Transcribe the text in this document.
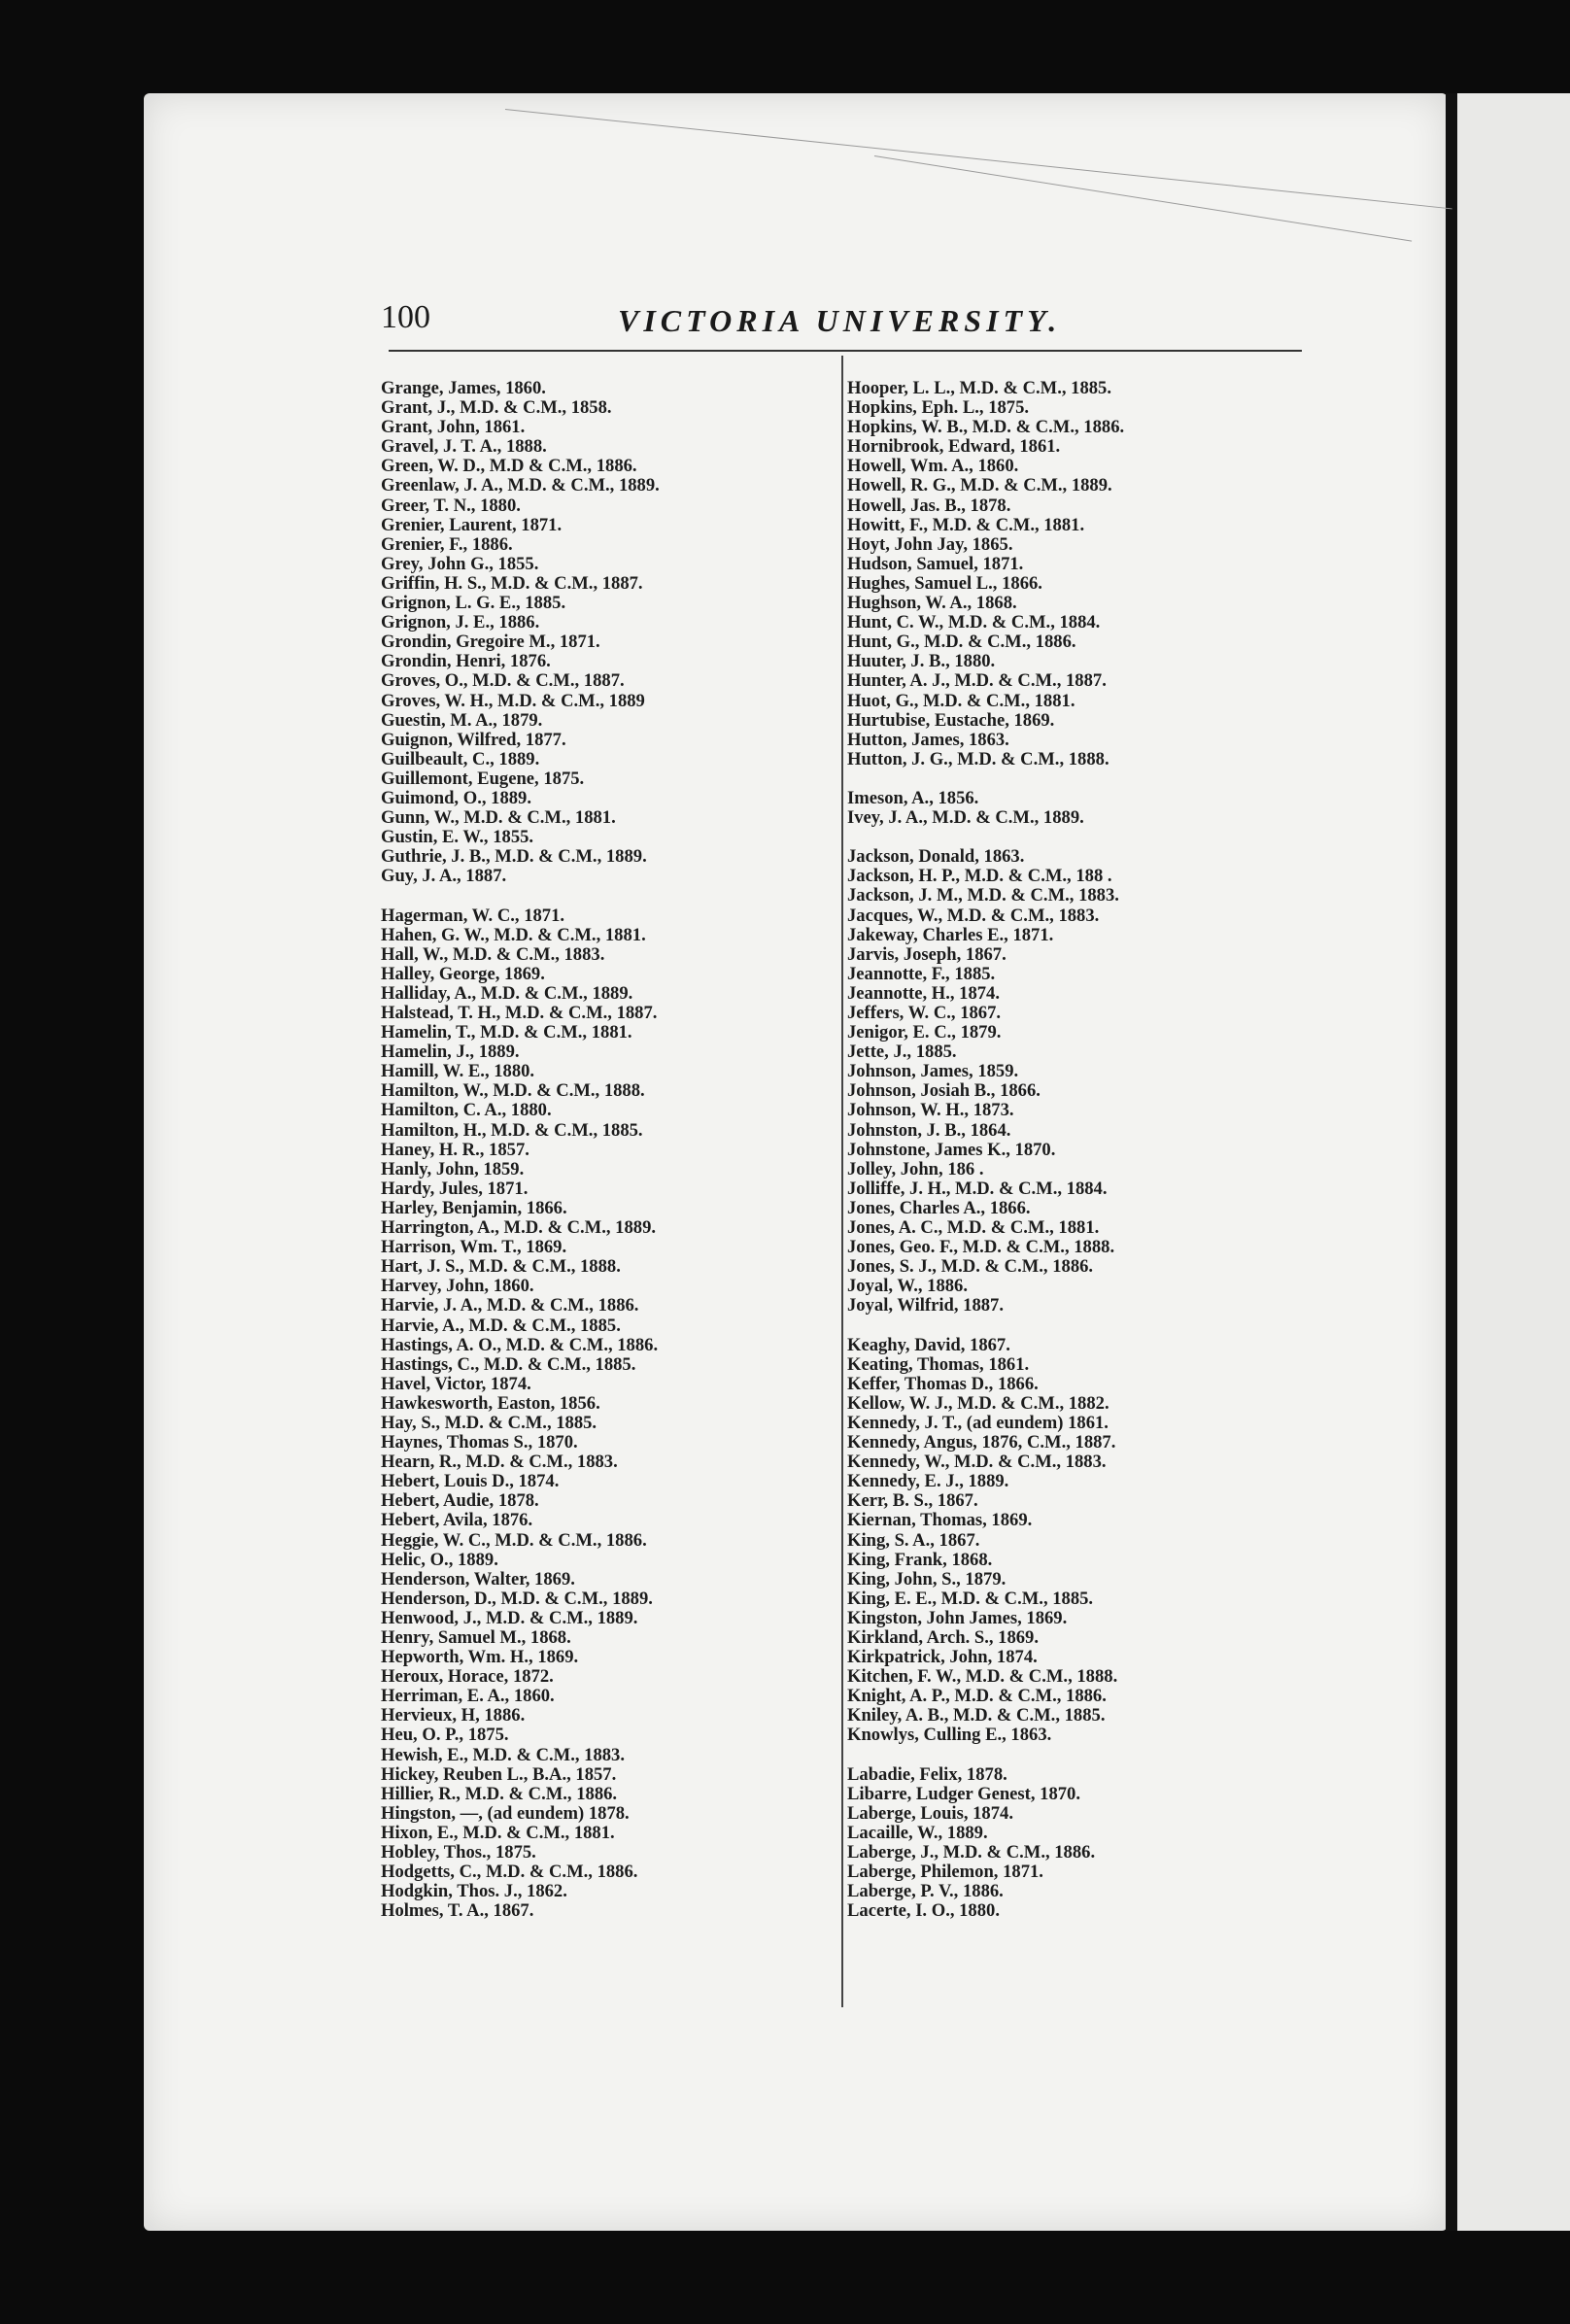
100	VICTORIA UNIVERSITY.
Grange, James, 1860.
Grant, J., M.D. & C.M., 1858.
Grant, John, 1861.
Gravel, J. T. A., 1888.
Green, W. D., M.D & C.M., 1886.
Greenlaw, J. A., M.D. & C.M., 1889.
Greer, T. N., 1880.
Grenier, Laurent, 1871.
Grenier, F., 1886.
Grey, John G., 1855.
Griffin, H. S., M.D. & C.M., 1887.
Grignon, L. G. E., 1885.
Grignon, J. E., 1886.
Grondin, Gregoire M., 1871.
Grondin, Henri, 1876.
Groves, O., M.D. & C.M., 1887.
Groves, W. H., M.D. & C.M., 1889
Guestin, M. A., 1879.
Guignon, Wilfred, 1877.
Guilbeault, C., 1889.
Guillemont, Eugene, 1875.
Guimond, O., 1889.
Gunn, W., M.D. & C.M., 1881.
Gustin, E. W., 1855.
Guthrie, J. B., M.D. & C.M., 1889.
Guy, J. A., 1887.
Hagerman, W. C., 1871.
Hahen, G. W., M.D. & C.M., 1881.
Hall, W., M.D. & C.M., 1883.
Halley, George, 1869.
Halliday, A., M.D. & C.M., 1889.
Halstead, T. H., M.D. & C.M., 1887.
Hamelin, T., M.D. & C.M., 1881.
Hamelin, J., 1889.
Hamill, W. E., 1880.
Hamilton, W., M.D. & C.M., 1888.
Hamilton, C. A., 1880.
Hamilton, H., M.D. & C.M., 1885.
Haney, H. R., 1857.
Hanly, John, 1859.
Hardy, Jules, 1871.
Harley, Benjamin, 1866.
Harrington, A., M.D. & C.M., 1889.
Harrison, Wm. T., 1869.
Hart, J. S., M.D. & C.M., 1888.
Harvey, John, 1860.
Harvie, J. A., M.D. & C.M., 1886.
Harvie, A., M.D. & C.M., 1885.
Hastings, A. O., M.D. & C.M., 1886.
Hastings, C., M.D. & C.M., 1885.
Havel, Victor, 1874.
Hawkesworth, Easton, 1856.
Hay, S., M.D. & C.M., 1885.
Haynes, Thomas S., 1870.
Hearn, R., M.D. & C.M., 1883.
Hebert, Louis D., 1874.
Hebert, Audie, 1878.
Hebert, Avila, 1876.
Heggie, W. C., M.D. & C.M., 1886.
Helic, O., 1889.
Henderson, Walter, 1869.
Henderson, D., M.D. & C.M., 1889.
Henwood, J., M.D. & C.M., 1889.
Henry, Samuel M., 1868.
Hepworth, Wm. H., 1869.
Heroux, Horace, 1872.
Herriman, E. A., 1860.
Hervieux, H, 1886.
Heu, O. P., 1875.
Hewish, E., M.D. & C.M., 1883.
Hickey, Reuben L., B.A., 1857.
Hillier, R., M.D. & C.M., 1886.
Hingston, —, (ad eundem) 1878.
Hixon, E., M.D. & C.M., 1881.
Hobley, Thos., 1875.
Hodgetts, C., M.D. & C.M., 1886.
Hodgkin, Thos. J., 1862.
Holmes, T. A., 1867.
Hooper, L. L., M.D. & C.M., 1885.
Hopkins, Eph. L., 1875.
Hopkins, W. B., M.D. & C.M., 1886.
Hornibrook, Edward, 1861.
Howell, Wm. A., 1860.
Howell, R. G., M.D. & C.M., 1889.
Howell, Jas. B., 1878.
Howitt, F., M.D. & C.M., 1881.
Hoyt, John Jay, 1865.
Hudson, Samuel, 1871.
Hughes, Samuel L., 1866.
Hughson, W. A., 1868.
Hunt, C. W., M.D. & C.M., 1884.
Hunt, G., M.D. & C.M., 1886.
Huuter, J. B., 1880.
Hunter, A. J., M.D. & C.M., 1887.
Huot, G., M.D. & C.M., 1881.
Hurtubise, Eustache, 1869.
Hutton, James, 1863.
Hutton, J. G., M.D. & C.M., 1888.
Imeson, A., 1856.
Ivey, J. A., M.D. & C.M., 1889.
Jackson, Donald, 1863.
Jackson, H. P., M.D. & C.M., 188 .
Jackson, J. M., M.D. & C.M., 1883.
Jacques, W., M.D. & C.M., 1883.
Jakeway, Charles E., 1871.
Jarvis, Joseph, 1867.
Jeannotte, F., 1885.
Jeannotte, H., 1874.
Jeffers, W. C., 1867.
Jenigor, E. C., 1879.
Jette, J., 1885.
Johnson, James, 1859.
Johnson, Josiah B., 1866.
Johnson, W. H., 1873.
Johnston, J. B., 1864.
Johnstone, James K., 1870.
Jolley, John, 186 .
Jolliffe, J. H., M.D. & C.M., 1884.
Jones, Charles A., 1866.
Jones, A. C., M.D. & C.M., 1881.
Jones, Geo. F., M.D. & C.M., 1888.
Jones, S. J., M.D. & C.M., 1886.
Joyal, W., 1886.
Joyal, Wilfrid, 1887.
Keaghy, David, 1867.
Keating, Thomas, 1861.
Keffer, Thomas D., 1866.
Kellow, W. J., M.D. & C.M., 1882.
Kennedy, J. T., (ad eundem) 1861.
Kennedy, Angus, 1876, C.M., 1887.
Kennedy, W., M.D. & C.M., 1883.
Kennedy, E. J., 1889.
Kerr, B. S., 1867.
Kiernan, Thomas, 1869.
King, S. A., 1867.
King, Frank, 1868.
King, John, S., 1879.
King, E. E., M.D. & C.M., 1885.
Kingston, John James, 1869.
Kirkland, Arch. S., 1869.
Kirkpatrick, John, 1874.
Kitchen, F. W., M.D. & C.M., 1888.
Knight, A. P., M.D. & C.M., 1886.
Kniley, A. B., M.D. & C.M., 1885.
Knowlys, Culling E., 1863.
Labadie, Felix, 1878.
Libarre, Ludger Genest, 1870.
Laberge, Louis, 1874.
Lacaille, W., 1889.
Laberge, J., M.D. & C.M., 1886.
Laberge, Philemon, 1871.
Laberge, P. V., 1886.
Lacerte, I. O., 1880.
